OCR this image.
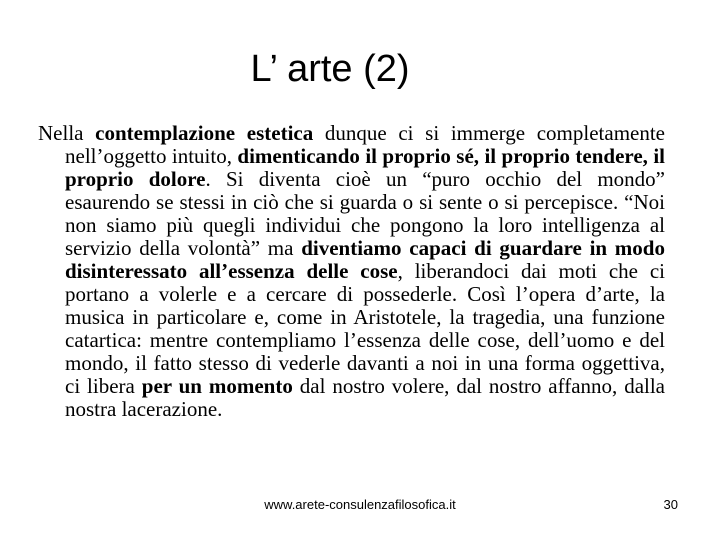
L’ arte (2)

Nella contemplazione estetica dunque ci si immerge completamente nell’oggetto intuito, dimenticando il proprio sé, il proprio tendere, il proprio dolore. Si diventa cioè un “puro occhio del mondo” esaurendo se stessi in ciò che si guarda o si sente o si percepisce. “Noi non siamo più quegli individui che pongono la loro intelligenza al servizio della volontà” ma diventiamo capaci di guardare in modo disinteressato all’essenza delle cose, liberandoci dai moti che ci portano a volerle e a cercare di possederle. Così l’opera d’arte, la musica in particolare e, come in Aristotele, la tragedia, una funzione catartica: mentre contempliamo l’essenza delle cose, dell’uomo e del mondo, il fatto stesso di vederle davanti a noi in una forma oggettiva, ci libera per un momento dal nostro volere, dal nostro affanno, dalla nostra lacerazione.

www.arete-consulenzafilosofica.it	30
